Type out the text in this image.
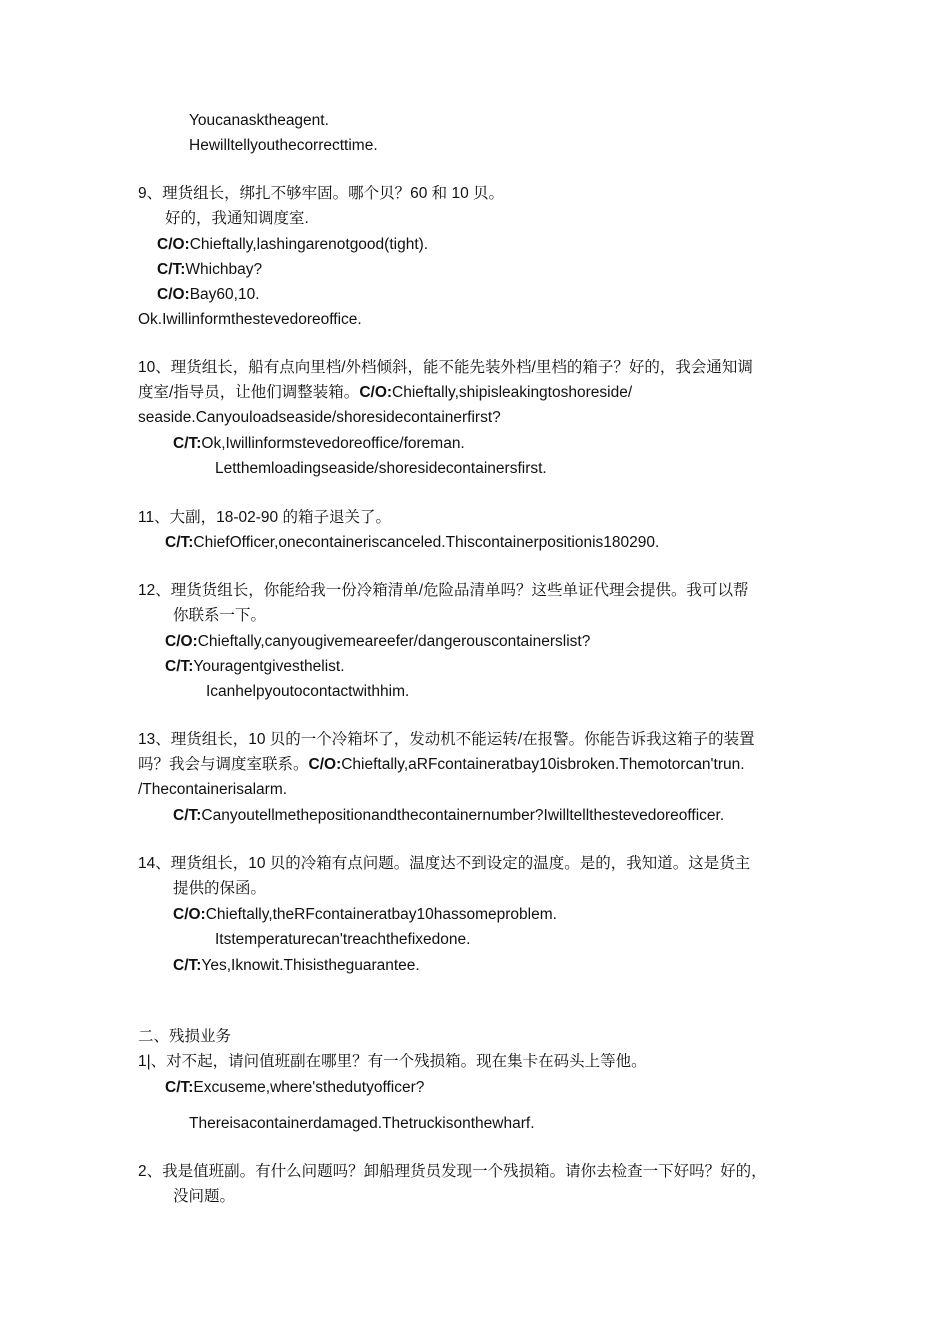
Youcanasktheagent.
Hewilltellyouthecorrecttime.
9、理货组长，绑扎不够牢固。哪个贝？60 和 10 贝。
好的，我通知调度室.
C/O:Chieftally,lashingarenotgood(tight).
C/T:Whichbay?
C/O:Bay60,10.
Ok.Iwillinformthestevedoreoffice.
10、理货组长，船有点向里档/外档倾斜，能不能先装外档/里档的箱子？好的，我会通知调
度室/指导员，让他们调整装箱。C/O:Chieftally,shipisleakingtoshoreside/
seaside.Canyouloadseaside/shoresidecontainerfirst?
C/T:Ok,Iwillinformstevedoreoffice/foreman.
Letthemloadingseaside/shoresidecontainersfirst.
11、大副，18-02-90 的箱子退关了。
C/T:ChiefOfficer,onecontaineriscanceled.Thiscontainerpositionis180290.
12、理货货组长，你能给我一份冷箱清单/危险品清单吗？这些单证代理会提供。我可以帮
你联系一下。
C/O:Chieftally,canyougivemeareefer/dangerouscontainerslist?
C/T:Youragentgivesthelist.
Icanhelpyoutocontactwithhim.
13、理货组长，10 贝的一个冷箱坏了，发动机不能运转/在报警。你能告诉我这箱子的装置
吗？我会与调度室联系。C/O:Chieftally,aRFcontaineratbay10isbroken.Themotorcan'trun.
/Thecontainerisalarm.
C/T:Canyoutellmethepositionandthecontainernumber?Iwilltellthestevedoreofficer.
14、理货组长，10 贝的冷箱有点问题。温度达不到设定的温度。是的，我知道。这是货主
提供的保函。
C/O:Chieftally,theRFcontaineratbay10hassomeproblem.
Itstemperaturecan'treachthefixedone.
C/T:Yes,Iknowit.Thisistheguarantee.
二、残损业务
1|、对不起，请问值班副在哪里？有一个残损箱。现在集卡在码头上等他。
C/T:Excuseme,where'sthedutyofficer?
Thereisacontainerdamaged.Thetruckisonthewharf.
2、我是值班副。有什么问题吗？卸船理货员发现一个残损箱。请你去检查一下好吗？好的，
没问题。
